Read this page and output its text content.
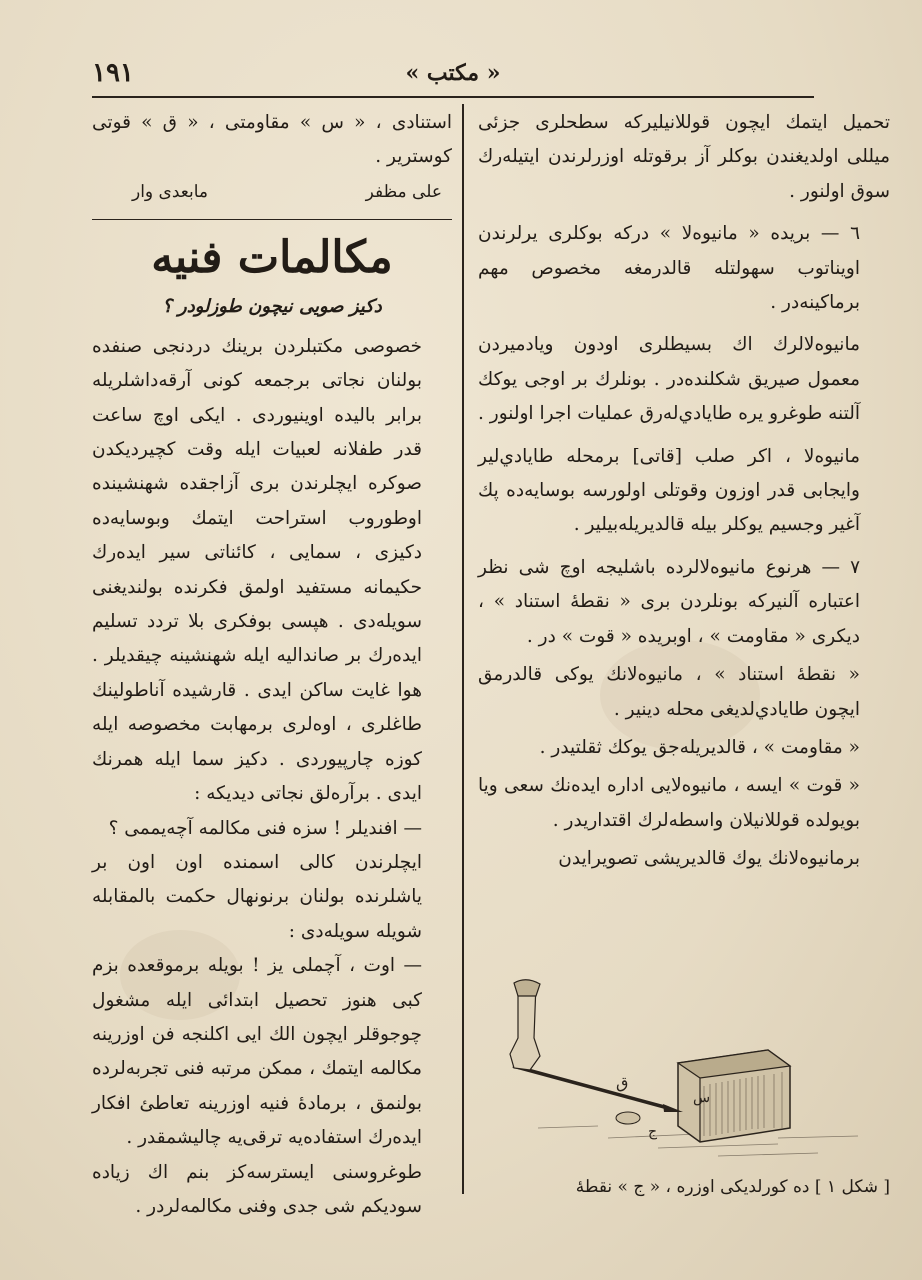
١٩١	« مكتب »

تحميل ايتمك ايچون قوللانيليركه سطحلرى جزئى ميللى اولديغندن بوكلر آز برقوتله اوزرلرندن ايتيله‌رك سوق اولنور .

٦ — بريده « مانيوه‌لا » دركه بوكلرى يرلرندن اويناتوب سهولتله قالدرمغه مخصوص مهم برماكينه‌در .

مانيوه‌لالرك اك بسيطلرى اودون ويادميردن معمول صيريق شكلنده‌در . بونلرك بر اوجى يوكك آلتنه طوغرو يره طايادي‌له‌رق عمليات اجرا اولنور .

مانيوه‌لا ، اكر صلب [قاتى] برمحله طايادي‌لير وايجابى قدر اوزون وقوتلى اولورسه بوسايه‌ده پك آغير وجسيم يوكلر بيله قالديريله‌بيلير .

٧ — هرنوع مانيوه‌لالرده باشليجه اوچ شى نظر اعتباره آلنيركه بونلردن برى « نقطهٔ استناد » ، ديكرى « مقاومت » ، اوبريده « قوت » در .

« نقطهٔ استناد » ، مانيوه‌لانك يوكى قالدرمق ايچون طايادي‌لديغى محله دينير .

« مقاومت » ، قالديريله‌جق يوكك ثقلتيدر .

« قوت » ايسه ، مانيوه‌لايى اداره ايده‌نك سعى ويا بويولده قوللانيلان واسطه‌لرك اقتداريدر .

برمانيوه‌لانك يوك قالديريشى تصويرايدن

ق
س
ج
[ شكل ١ ] ده كورلديكى اوزره ، « ج » نقطهٔ

استنادى ، « س » مقاومتى ، « ق » قوتى كوسترير .

على مظفر
مابعدى وار
مكالمات فنيه
دكيز صويى نيچون طوزلودر ؟

خصوصى مكتبلردن برينك دردنجى صنفده بولنان نجاتى برجمعه كونى آرقه‌داشلريله برابر باليده اوينيوردى . ايكى اوچ ساعت قدر طفلانه لعبيات ايله وقت كچيرديكدن صوكره ايچلرندن برى آزاجقده شهنشينده اوطوروب استراحت ايتمك وبوسايه‌ده دكيزى ، سمايى ، كائناتى سير ايده‌رك حكيمانه مستفيد اولمق فكرنده بولنديغنى سويله‌دى . هپسى بوفكرى بلا تردد تسليم ايده‌رك بر صانداليه ايله شهنشينه چيقديلر . هوا غايت ساكن ايدى . قارشيده آناطولينك طاغلرى ، اوه‌لرى برمهابت مخصوصه ايله كوزه چارپيوردى . دكيز سما ايله همرنك ايدى . برآرەلق نجاتى ديديكه :

— افنديلر ! سزه فنى مكالمه آچه‌يممى ؟

ايچلرندن كالى اسمنده اون اون بر ياشلرنده بولنان برنونهال حكمت بالمقابله شويله سويله‌دى :

— اوت ، آچملى يز ! بويله برموقعده بزم كبى هنوز تحصيل ابتدائى ايله مشغول چوجوقلر ايچون الك ايى اكلنجه فن اوزرينه مكالمه ايتمك ، ممكن مرتبه فنى تجربه‌لرده بولنمق ، برمادهٔ فنيه اوزرينه تعاطئ افكار ايده‌رك استفاده‌يه ترقى‌يه چاليشمقدر .

طوغروسنى ايسترسه‌كز بنم اك زياده سوديكم شى جدى وفنى مكالمه‌لردر .
